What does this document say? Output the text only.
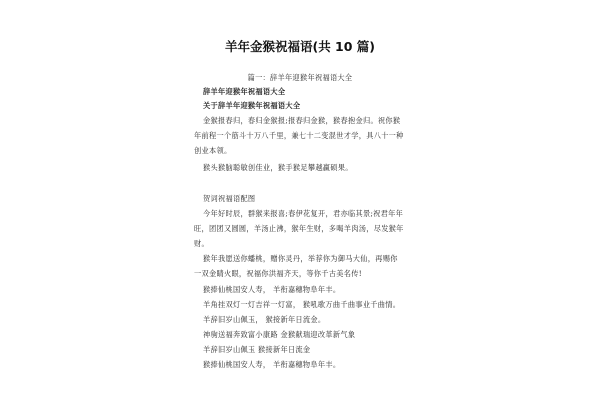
羊年金猴祝福语(共 10 篇)
篇一：辞羊年迎猴年祝福语大全
辞羊年迎猴年祝福语大全
关于辞羊年迎猴年祝福语大全
金猴报春归，春归金猴报;报春归金猴，猴春抱金归。祝你猴
年前程一个筋斗十万八千里，兼七十二变混世才学，具八十一种
创业本领。
猴头猴脑聪敏创佳业，猴手猴足攀越赢硕果。
贺词祝福语配图
今年好时辰，群猴来报喜;春伊花复开，君亦临其景;祝君年年
旺，团团又圆圆，羊汤止沸，猴年生财，多喝羊肉汤，尽发猴年
财。
猴年我愿送你蟠桃，赠你灵丹，举荐你为御马大仙，再赐你
一双金睛火眼，祝福你洪福齐天，等你千古美名传!
猴捧仙桃国安人寿， 羊衔嘉穗物阜年丰。
羊角挂双灯一灯吉祥一灯富， 猴吼歌万曲千曲事业千曲情。
羊辞旧岁山佩玉， 猴接新年日流金。
神驹送福奔致富小康路 金猴献瑞迎改革新气象
羊辞旧岁山佩玉 猴接新年日流金
猴捧仙桃国安人寿， 羊衔嘉穗物阜年丰。
